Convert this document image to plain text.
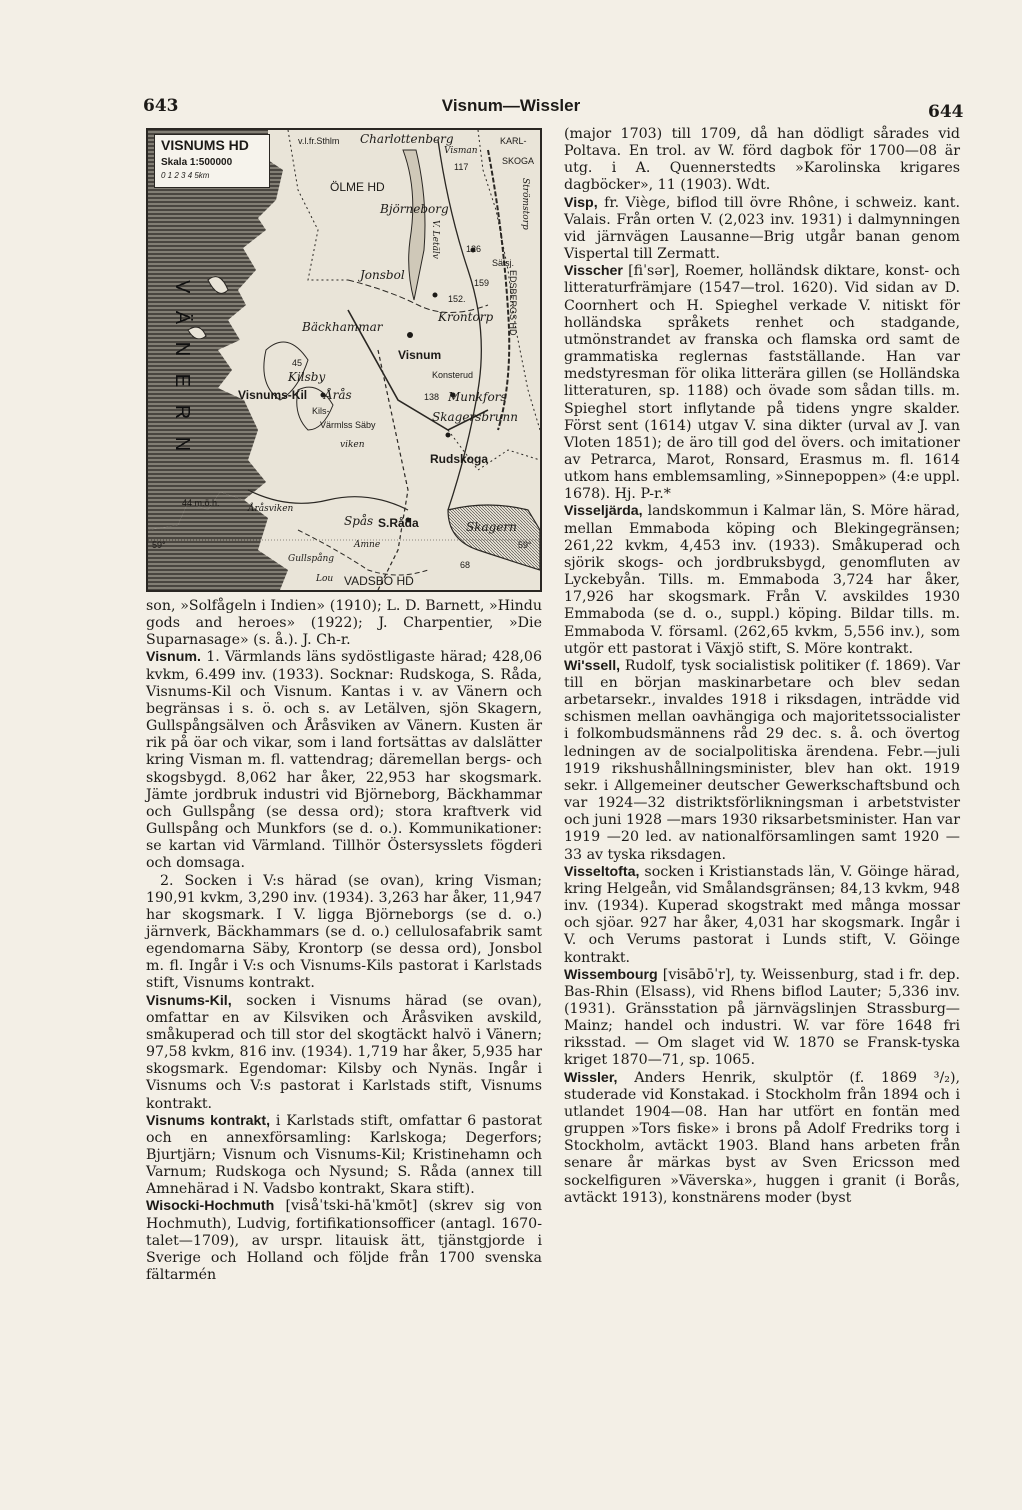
643	Visnum—Wissler	644
VISNUMS HD
Skala 1:500000
0 1 2 3 4 5km
v.l.fr.Sthlm Charlottenberg	KARL-
Visman
117
SKOGA
ÖLME HD
Björneborg
V. Letälv
Sälsj.
126
Jonsbol
159
152.
Strömstorp
EDSBERGS HD
Krontorp
Bäckhammar
Visnum
45
Kilsby	Konsterud
Visnums-Kil Årås	138 Munkfors
Kils-	Skagersbrunn
Värmlss Säby
viken
Rudskoga
44 m.ö.h.
Åråsviken
Spås S.Råda	Skagern
59°	59°
Gullspång
68
Lou VADSBO HD
Amne
V Ä N E R N

son, »Solfågeln i Indien» (1910); L. D. Barnett, »Hindu gods and heroes» (1922); J. Charpentier, »Die Suparnasage» (s. å.). J. Ch-r.

Visnum. 1. Värmlands läns sydöstligaste härad; 428,06 kvkm, 6.499 inv. (1933). Socknar: Rudskoga, S. Råda, Visnums-Kil och Visnum. Kantas i v. av Vänern och begränsas i s. ö. och s. av Letälven, sjön Skagern, Gullspångsälven och Åråsviken av Vänern. Kusten är rik på öar och vikar, som i land fortsättas av dalslätter kring Visman m. fl. vattendrag; däremellan bergs- och skogsbygd. 8,062 har åker, 22,953 har skogsmark. Jämte jordbruk industri vid Björneborg, Bäckhammar och Gullspång (se dessa ord); stora kraftverk vid Gullspång och Munkfors (se d. o.). Kommunikationer: se kartan vid Värmland. Tillhör Östersysslets fögderi och domsaga.

2. Socken i V:s härad (se ovan), kring Visman; 190,91 kvkm, 3,290 inv. (1934). 3,263 har åker, 11,947 har skogsmark. I V. ligga Björneborgs (se d. o.) järnverk, Bäckhammars (se d. o.) cellulosafabrik samt egendomarna Säby, Krontorp (se dessa ord), Jonsbol m. fl. Ingår i V:s och Visnums-Kils pastorat i Karlstads stift, Visnums kontrakt.

Visnums-Kil, socken i Visnums härad (se ovan), omfattar en av Kilsviken och Åråsviken avskild, småkuperad och till stor del skogtäckt halvö i Vänern; 97,58 kvkm, 816 inv. (1934). 1,719 har åker, 5,935 har skogsmark. Egendomar: Kilsby och Nynäs. Ingår i Visnums och V:s pastorat i Karlstads stift, Visnums kontrakt.

Visnums kontrakt, i Karlstads stift, omfattar 6 pastorat och en annexförsamling: Karlskoga; Degerfors; Bjurtjärn; Visnum och Visnums-Kil; Kristinehamn och Varnum; Rudskoga och Nysund; S. Råda (annex till Amnehärad i N. Vadsbo kontrakt, Skara stift).

Wisocki-Hochmuth [visåˈtski-hāˈkmōt] (skrev sig von Hochmuth), Ludvig, fortifikationsofficer (antagl. 1670-talet—1709), av urspr. litauisk ätt, tjänstgjorde i Sverige och Holland och följde från 1700 svenska fältarmén

(major 1703) till 1709, då han dödligt sårades vid Poltava. En trol. av W. förd dagbok för 1700—08 är utg. i A. Quennerstedts »Karolinska krigares dagböcker», 11 (1903). Wdt.

Visp, fr. Viège, biflod till övre Rhône, i schweiz. kant. Valais. Från orten V. (2,023 inv. 1931) i dalmynningen vid järnvägen Lausanne—Brig utgår banan genom Vispertal till Zermatt.

Visscher [fiˈsər], Roemer, holländsk diktare, konst- och litteraturfrämjare (1547—trol. 1620). Vid sidan av D. Coornhert och H. Spieghel verkade V. nitiskt för holländska språkets renhet och stadgande, utmönstrandet av franska och flamska ord samt de grammatiska reglernas fastställande. Han var medstyresman för olika litterära gillen (se Holländska litteraturen, sp. 1188) och övade som sådan tills. m. Spieghel stort inflytande på tidens yngre skalder. Först sent (1614) utgav V. sina dikter (urval av J. van Vloten 1851); de äro till god del övers. och imitationer av Petrarca, Marot, Ronsard, Erasmus m. fl. 1614 utkom hans emblemsamling, »Sinnepoppen» (4:e uppl. 1678). Hj. P-r.*

Visseljärda, landskommun i Kalmar län, S. Möre härad, mellan Emmaboda köping och Blekingegränsen; 261,22 kvkm, 4,453 inv. (1933). Småkuperad och sjörik skogs- och jordbruksbygd, genomfluten av Lyckebyån. Tills. m. Emmaboda 3,724 har åker, 17,926 har skogsmark. Från V. avskildes 1930 Emmaboda (se d. o., suppl.) köping. Bildar tills. m. Emmaboda V. församl. (262,65 kvkm, 5,556 inv.), som utgör ett pastorat i Växjö stift, S. Möre kontrakt.

Wi'ssell, Rudolf, tysk socialistisk politiker (f. 1869). Var till en början maskinarbetare och blev sedan arbetarsekr., invaldes 1918 i riksdagen, inträdde vid schismen mellan oavhängiga och majoritetssocialister i folkombudsmännens råd 29 dec. s. å. och övertog ledningen av de socialpolitiska ärendena. Febr.—juli 1919 rikshushållningsminister, blev han okt. 1919 sekr. i Allgemeiner deutscher Gewerkschaftsbund och var 1924—32 distriktsförlikningsman i arbetstvister och juni 1928 —mars 1930 riksarbetsminister. Han var 1919 —20 led. av nationalförsamlingen samt 1920 —33 av tyska riksdagen.

Visseltofta, socken i Kristianstads län, V. Göinge härad, kring Helgeån, vid Smålandsgränsen; 84,13 kvkm, 948 inv. (1934). Kuperad skogstrakt med många mossar och sjöar. 927 har åker, 4,031 har skogsmark. Ingår i V. och Verums pastorat i Lunds stift, V. Göinge kontrakt.

Wissembourg [visābōˈr], ty. Weissenburg, stad i fr. dep. Bas-Rhin (Elsass), vid Rhens biflod Lauter; 5,336 inv. (1931). Gränsstation på järnvägslinjen Strassburg—Mainz; handel och industri. W. var före 1648 fri riksstad. — Om slaget vid W. 1870 se Fransk-tyska kriget 1870—71, sp. 1065.

Wissler, Anders Henrik, skulptör (f. 1869 ³/₂), studerade vid Konstakad. i Stockholm från 1894 och i utlandet 1904—08. Han har utfört en fontän med gruppen »Tors fiske» i brons på Adolf Fredriks torg i Stockholm, avtäckt 1903. Bland hans arbeten från senare år märkas byst av Sven Ericsson med sockelfiguren »Väverska», huggen i granit (i Borås, avtäckt 1913), konstnärens moder (byst
